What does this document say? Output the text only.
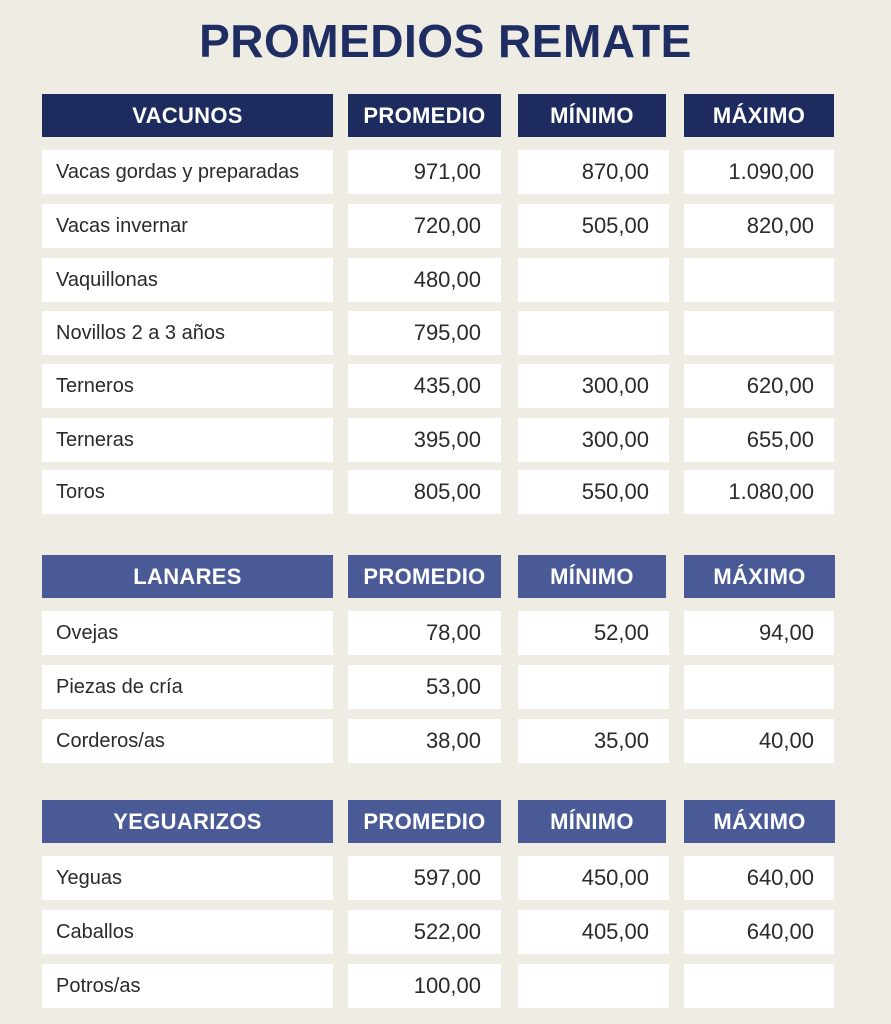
PROMEDIOS REMATE
VACUNOS	PROMEDIO	MÍNIMO	MÁXIMO
Vacas gordas y preparadas	971,00	870,00	1.090,00
Vacas invernar	720,00	505,00	820,00
Vaquillonas	480,00
Novillos 2 a 3 años	795,00
Terneros	435,00	300,00	620,00
Terneras	395,00	300,00	655,00
Toros	805,00	550,00	1.080,00
LANARES	PROMEDIO	MÍNIMO	MÁXIMO
Ovejas	78,00	52,00	94,00
Piezas de cría	53,00
Corderos/as	38,00	35,00	40,00
YEGUARIZOS	PROMEDIO	MÍNIMO	MÁXIMO
Yeguas	597,00	450,00	640,00
Caballos	522,00	405,00	640,00
Potros/as	100,00
